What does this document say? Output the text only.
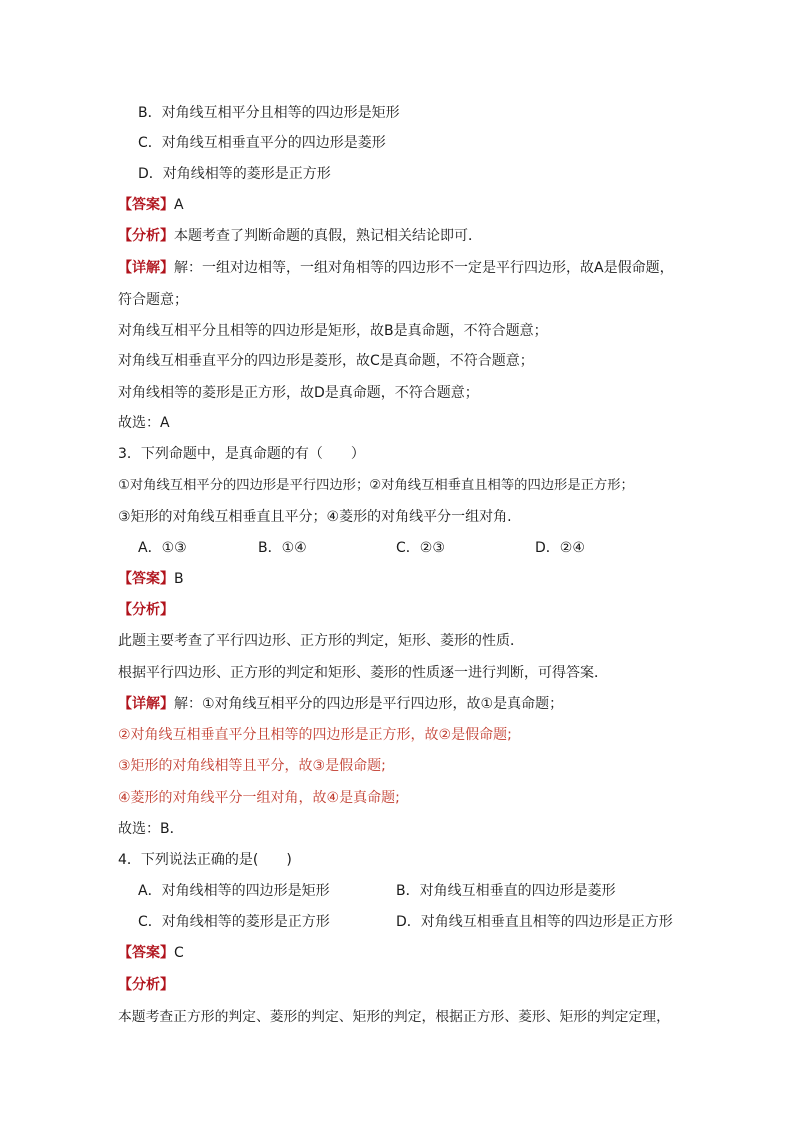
B．对角线互相平分且相等的四边形是矩形
C．对角线互相垂直平分的四边形是菱形
D．对角线相等的菱形是正方形
【答案】A
【分析】本题考查了判断命题的真假，熟记相关结论即可．
【详解】解：一组对边相等，一组对角相等的四边形不一定是平行四边形，故A是假命题，
符合题意；
对角线互相平分且相等的四边形是矩形，故B是真命题，不符合题意；
对角线互相垂直平分的四边形是菱形，故C是真命题，不符合题意；
对角线相等的菱形是正方形，故D是真命题，不符合题意；
故选：A
3．下列命题中，是真命题的有（　　）
①对角线互相平分的四边形是平行四边形；②对角线互相垂直且相等的四边形是正方形；
③矩形的对角线互相垂直且平分；④菱形的对角线平分一组对角.
A．①③	B．①④	C．②③	D．②④
【答案】B
【分析】
此题主要考查了平行四边形、正方形的判定，矩形、菱形的性质．
根据平行四边形、正方形的判定和矩形、菱形的性质逐一进行判断，可得答案．
【详解】解：①对角线互相平分的四边形是平行四边形，故①是真命题；
②对角线互相垂直平分且相等的四边形是正方形，故②是假命题;
③矩形的对角线相等且平分，故③是假命题;
④菱形的对角线平分一组对角，故④是真命题;
故选：B．
4．下列说法正确的是(　　)
A．对角线相等的四边形是矩形	B．对角线互相垂直的四边形是菱形
C．对角线相等的菱形是正方形	D．对角线互相垂直且相等的四边形是正方形
【答案】C
【分析】
本题考查正方形的判定、菱形的判定、矩形的判定，根据正方形、菱形、矩形的判定定理，
